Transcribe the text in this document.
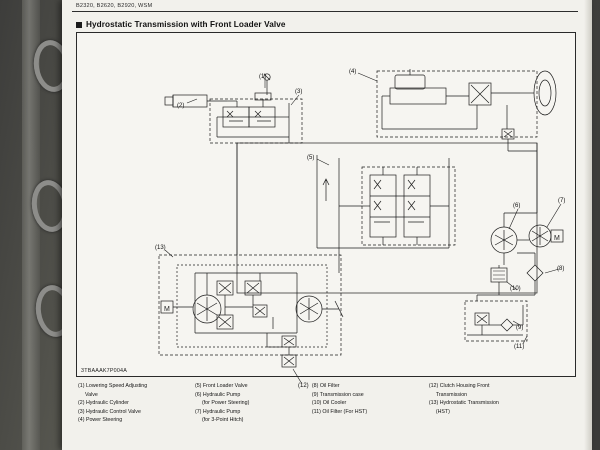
B2320, B2620, B2920, WSM
Hydrostatic Transmission with Front Loader Valve
M
M
(1)
(2)
(3)
(4)
(5)
(6)
(7)
(8)
(9)
(10)
(11)
(12)
(13)
3TBAAAK7P004A
(1) Lowering Speed Adjusting
Valve
(2) Hydraulic Cylinder
(3) Hydraulic Control Valve
(4) Power Steering
(5) Front Loader Valve
(6) Hydraulic Pump
(for Power Steering)
(7) Hydraulic Pump
(for 3-Point Hitch)
(8) Oil Filter
(9) Transmission case
(10) Oil Cooler
(11) Oil Filter (For HST)
(12) Clutch Housing Front
Transmission
(13) Hydrostatic Transmission
(HST)
